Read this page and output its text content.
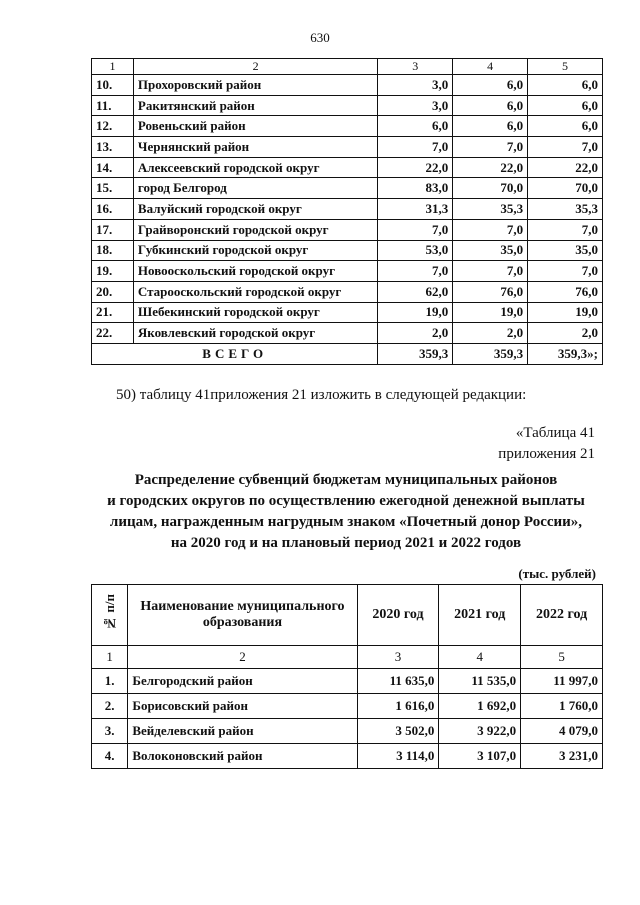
630
1	2	3	4	5
10.	Прохоровский район	3,0	6,0	6,0
11.	Ракитянский район	3,0	6,0	6,0
12.	Ровеньский район	6,0	6,0	6,0
13.	Чернянский район	7,0	7,0	7,0
14.	Алексеевский городской округ	22,0	22,0	22,0
15.	город Белгород	83,0	70,0	70,0
16.	Валуйский городской округ	31,3	35,3	35,3
17.	Грайворонский городской округ	7,0	7,0	7,0
18.	Губкинский городской округ	53,0	35,0	35,0
19.	Новооскольский городской округ	7,0	7,0	7,0
20.	Старооскольский городской округ	62,0	76,0	76,0
21.	Шебекинский городской округ	19,0	19,0	19,0
22.	Яковлевский городской округ	2,0	2,0	2,0
ВСЕГО		359,3	359,3	359,3»;
50) таблицу 41приложения 21 изложить в следующей редакции:
«Таблица 41
приложения 21
Распределение субвенций бюджетам муниципальных районов
и городских округов по осуществлению ежегодной денежной выплаты
лицам, награжденным нагрудным знаком «Почетный донор России»,
на 2020 год и на плановый период 2021 и 2022 годов
(тыс. рублей)
№ п/п	Наименование муниципального образования	2020 год	2021 год	2022 год
1	2	3	4	5
1.	Белгородский район	11 635,0	11 535,0	11 997,0
2.	Борисовский район	1 616,0	1 692,0	1 760,0
3.	Вейделевский район	3 502,0	3 922,0	4 079,0
4.	Волоконовский район	3 114,0	3 107,0	3 231,0
